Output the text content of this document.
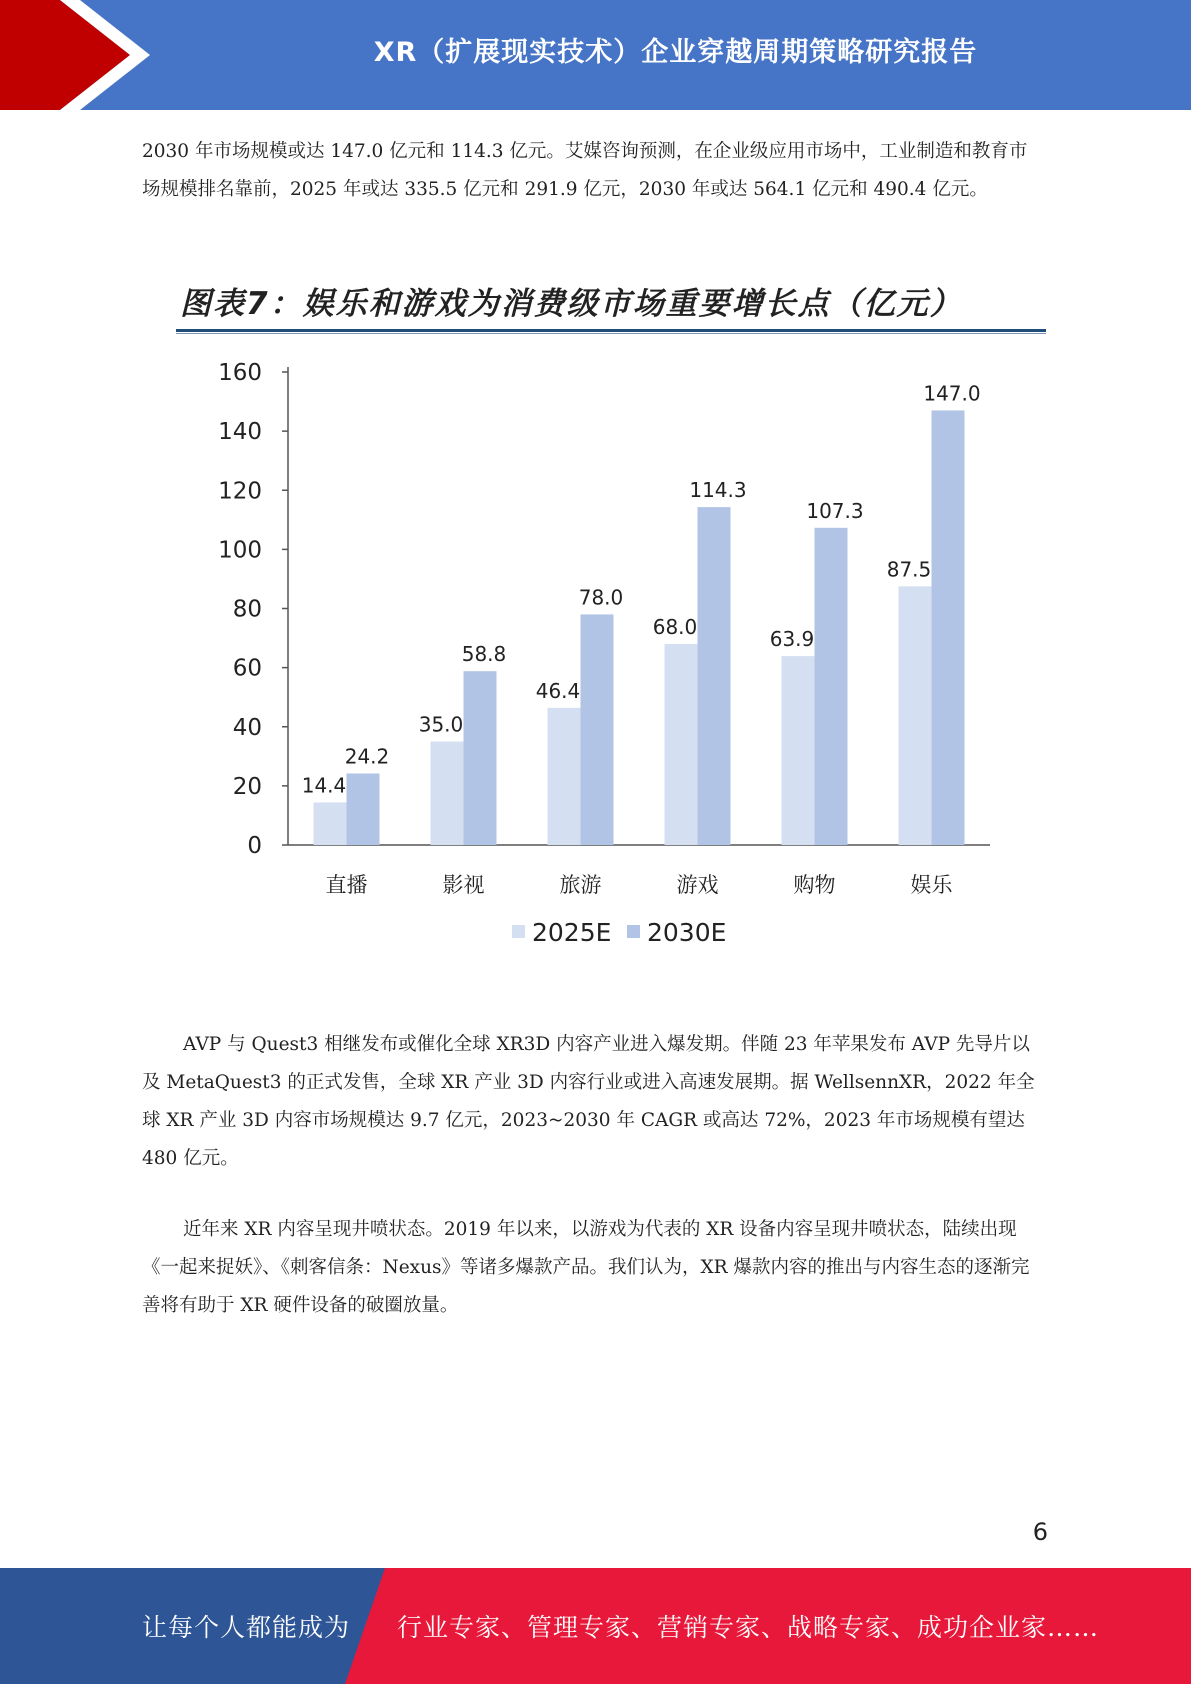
XR（扩展现实技术）企业穿越周期策略研究报告

2030 年市场规模或达 147.0 亿元和 114.3 亿元。艾媒咨询预测，在企业级应用市场中，工业制造和教育市场规模排名靠前，2025 年或达 335.5 亿元和 291.9 亿元，2030 年或达 564.1 亿元和 490.4 亿元。

图表7：娱乐和游戏为消费级市场重要增长点（亿元）
0
20
40
60
80
100
120
140
160
14.4
24.2
35.0
58.8
46.4
78.0
68.0
114.3
63.9
107.3
87.5
147.0
直播	影视	旅游	游戏	购物	娱乐
2025E 2030E

AVP 与 Quest3 相继发布或催化全球 XR3D 内容产业进入爆发期。伴随 23 年苹果发布 AVP 先导片以及 MetaQuest3 的正式发售，全球 XR 产业 3D 内容行业或进入高速发展期。据 WellsennXR，2022 年全球 XR 产业 3D 内容市场规模达 9.7 亿元，2023~2030 年 CAGR 或高达 72%，2023 年市场规模有望达 480 亿元。

近年来 XR 内容呈现井喷状态。2019 年以来，以游戏为代表的 XR 设备内容呈现井喷状态，陆续出现《一起来捉妖》、《刺客信条：Nexus》等诸多爆款产品。我们认为，XR 爆款内容的推出与内容生态的逐渐完善将有助于 XR 硬件设备的破圈放量。

6
让每个人都能成为 行业专家、管理专家、营销专家、战略专家、成功企业家……
